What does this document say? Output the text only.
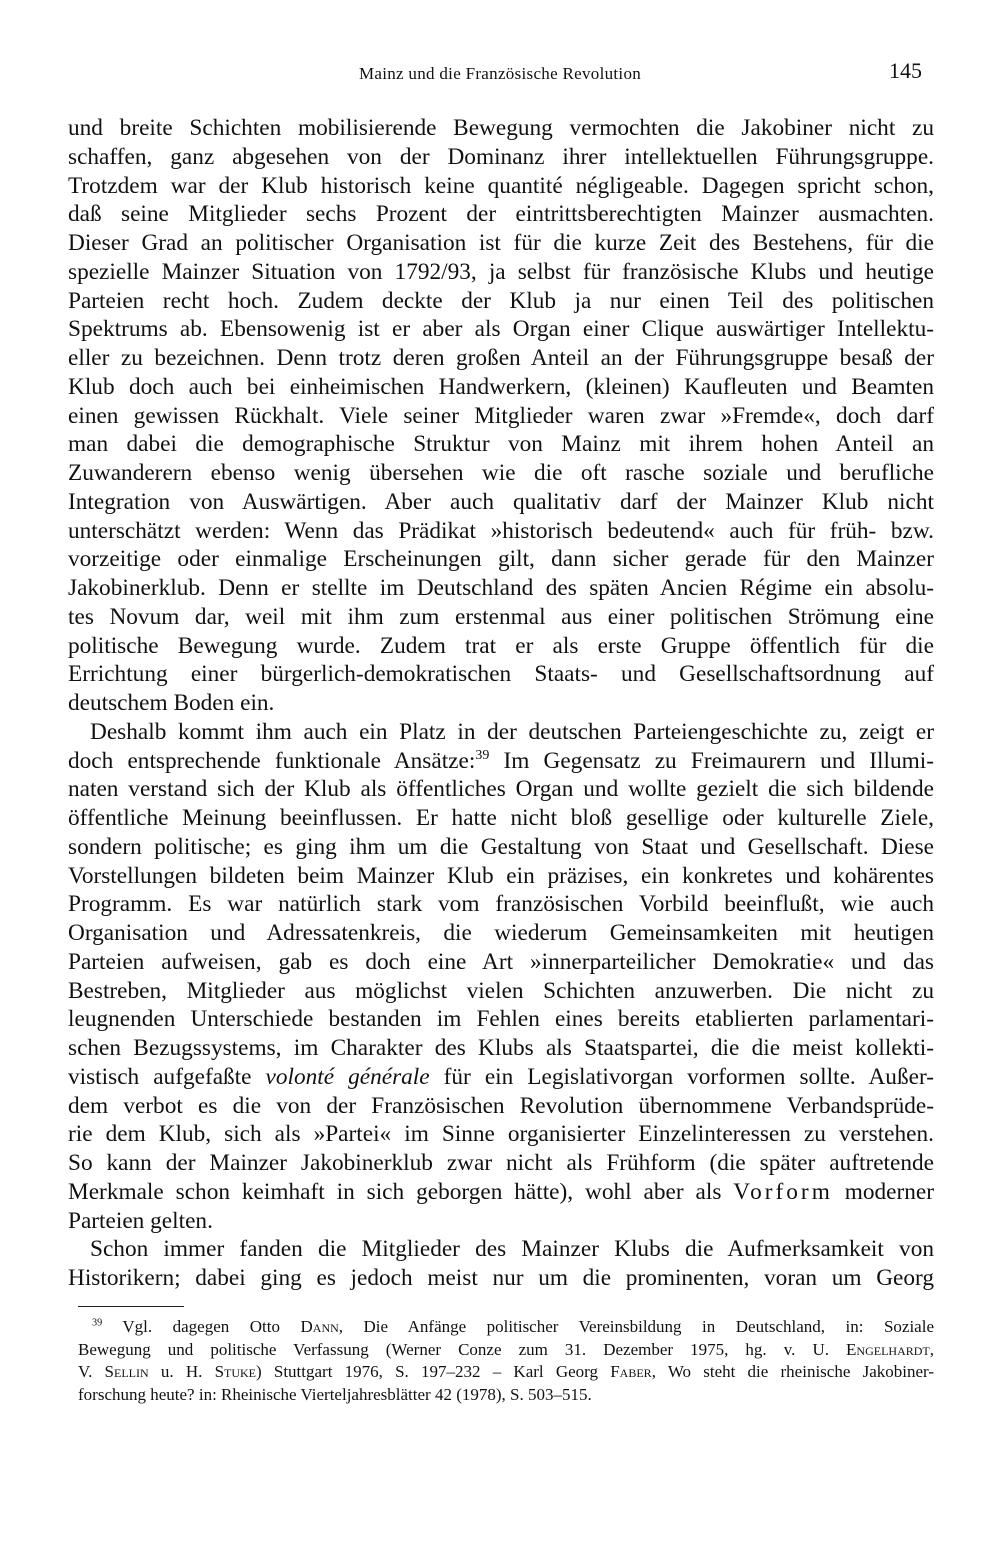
Mainz und die Französische Revolution	145
und breite Schichten mobilisierende Bewegung vermochten die Jakobiner nicht zu
schaffen, ganz abgesehen von der Dominanz ihrer intellektuellen Führungsgruppe.
Trotzdem war der Klub historisch keine quantité négligeable. Dagegen spricht schon,
daß seine Mitglieder sechs Prozent der eintrittsberechtigten Mainzer ausmachten.
Dieser Grad an politischer Organisation ist für die kurze Zeit des Bestehens, für die
spezielle Mainzer Situation von 1792/93, ja selbst für französische Klubs und heutige
Parteien recht hoch. Zudem deckte der Klub ja nur einen Teil des politischen
Spektrums ab. Ebensowenig ist er aber als Organ einer Clique auswärtiger Intellektu-
eller zu bezeichnen. Denn trotz deren großen Anteil an der Führungsgruppe besaß der
Klub doch auch bei einheimischen Handwerkern, (kleinen) Kaufleuten und Beamten
einen gewissen Rückhalt. Viele seiner Mitglieder waren zwar »Fremde«, doch darf
man dabei die demographische Struktur von Mainz mit ihrem hohen Anteil an
Zuwanderern ebenso wenig übersehen wie die oft rasche soziale und berufliche
Integration von Auswärtigen. Aber auch qualitativ darf der Mainzer Klub nicht
unterschätzt werden: Wenn das Prädikat »historisch bedeutend« auch für früh- bzw.
vorzeitige oder einmalige Erscheinungen gilt, dann sicher gerade für den Mainzer
Jakobinerklub. Denn er stellte im Deutschland des späten Ancien Régime ein absolu-
tes Novum dar, weil mit ihm zum erstenmal aus einer politischen Strömung eine
politische Bewegung wurde. Zudem trat er als erste Gruppe öffentlich für die
Errichtung einer bürgerlich-demokratischen Staats- und Gesellschaftsordnung auf
deutschem Boden ein.
Deshalb kommt ihm auch ein Platz in der deutschen Parteiengeschichte zu, zeigt er
doch entsprechende funktionale Ansätze:$^{39}$ Im Gegensatz zu Freimaurern und Illumi-
naten verstand sich der Klub als öffentliches Organ und wollte gezielt die sich bildende
öffentliche Meinung beeinflussen. Er hatte nicht bloß gesellige oder kulturelle Ziele,
sondern politische; es ging ihm um die Gestaltung von Staat und Gesellschaft. Diese
Vorstellungen bildeten beim Mainzer Klub ein präzises, ein konkretes und kohärentes
Programm. Es war natürlich stark vom französischen Vorbild beeinflußt, wie auch
Organisation und Adressatenkreis, die wiederum Gemeinsamkeiten mit heutigen
Parteien aufweisen, gab es doch eine Art »innerparteilicher Demokratie« und das
Bestreben, Mitglieder aus möglichst vielen Schichten anzuwerben. Die nicht zu
leugnenden Unterschiede bestanden im Fehlen eines bereits etablierten parlamentari-
schen Bezugssystems, im Charakter des Klubs als Staatspartei, die die meist kollekti-
vistisch aufgefaßte volonté générale für ein Legislativorgan vorformen sollte. Außer-
dem verbot es die von der Französischen Revolution übernommene Verbandsprüde-
rie dem Klub, sich als »Partei« im Sinne organisierter Einzelinteressen zu verstehen.
So kann der Mainzer Jakobinerklub zwar nicht als Frühform (die später auftretende
Merkmale schon keimhaft in sich geborgen hätte), wohl aber als Vorform moderner
Parteien gelten.
Schon immer fanden die Mitglieder des Mainzer Klubs die Aufmerksamkeit von
Historikern; dabei ging es jedoch meist nur um die prominenten, voran um Georg
$^{39}$ Vgl. dagegen Otto Dann, Die Anfänge politischer Vereinsbildung in Deutschland, in: Soziale
Bewegung und politische Verfassung (Werner Conze zum 31. Dezember 1975, hg. v. U. Engelhardt,
V. Sellin u. H. Stuke) Stuttgart 1976, S. 197–232 – Karl Georg Faber, Wo steht die rheinische Jakobiner-
forschung heute? in: Rheinische Vierteljahresblätter 42 (1978), S. 503–515.
